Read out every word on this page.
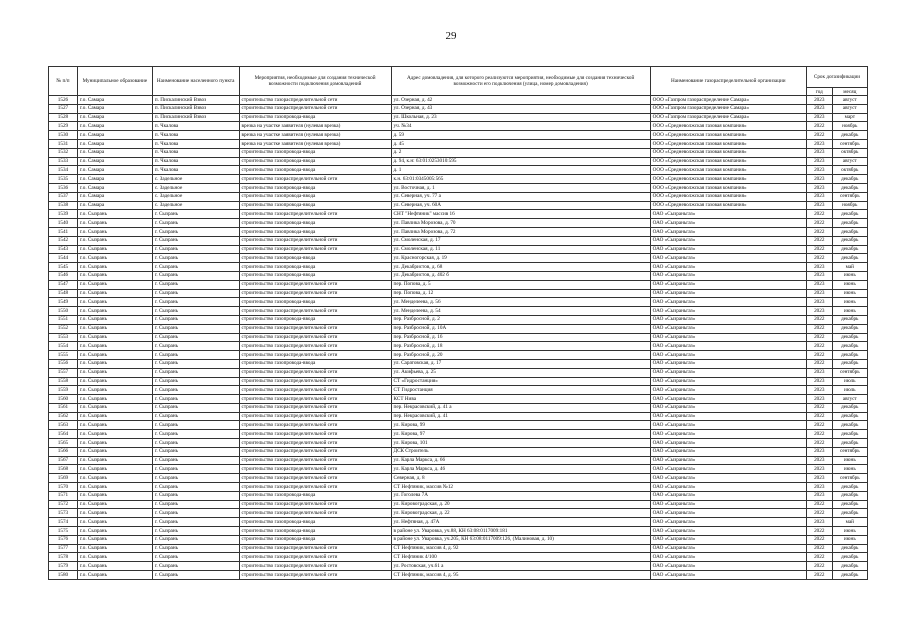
29
№ п/п	Муниципальное образование	Наименование населенного пункта	Мероприятия, необходимые для создания технической возможности подключения домовладений	Адрес домовладения, для которого реализуются мероприятия, необходимые для создания технической возможности его подключения (улица, номер домовладения)	Наименование газораспределительной организации	Срок догазификации	
						год	месяц
1526	г.о. Самара	п. Пискалинский Взвоз	строительство газораспределительной сети	ул. Озерная, д. 42	ООО «Газпром газораспределение Самара»	2023	август
1527	г.о. Самара	п. Пискалинский Взвоз	строительство газораспределительной сети	ул. Озерная, д. 43	ООО «Газпром газораспределение Самара»	2023	август
1528	г.о. Самара	п. Пискалинский Взвоз	строительство газопровода-ввода	ул. Школьная, д. 23	ООО «Газпром газораспределение Самара»	2023	март
1529	г.о. Самара	п. Чкалова	врезка на участке заявителя (нулевая врезка)	уч. №34	ООО «Средневолжская газовая компания»	2022	ноябрь
1530	г.о. Самара	п. Чкалова	врезка на участке заявителя (нулевая врезка)	д. 59	ООО «Средневолжская газовая компания»	2022	декабрь
1531	г.о. Самара	п. Чкалова	врезка на участке заявителя (нулевая врезка)	д. 45	ООО «Средневолжская газовая компания»	2023	сентябрь
1532	г.о. Самара	п. Чкалова	строительство газопровода-ввода	д. 2	ООО «Средневолжская газовая компания»	2023	октябрь
1533	г.о. Самара	п. Чкалова	строительство газопровода-ввода	д. 94, к.н: 63:01:0253010:595	ООО «Средневолжская газовая компания»	2023	август
1534	г.о. Самара	п. Чкалова	строительство газопровода-ввода	д. 1	ООО «Средневолжская газовая компания»	2023	октябрь
1535	г.о. Самара	с. Задельное	строительство газораспределительной сети	к.н. 63:01:0345005:565	ООО «Средневолжская газовая компания»	2023	декабрь
1536	г.о. Самара	с. Задельное	строительство газопровода-ввода	ул. Восточная, д. 1	ООО «Средневолжская газовая компания»	2023	декабрь
1537	г.о. Самара	с. Задельное	строительство газопровода-ввода	ул. Северная, уч. 77 а	ООО «Средневолжская газовая компания»	2023	сентябрь
1538	г.о. Самара	с. Задельное	строительство газопровода-ввода	ул. Северная, уч. 60А	ООО «Средневолжская газовая компания»	2023	ноябрь
1539	г.о. Сызрань	г. Сызрань	строительство газораспределительной сети	СНТ "Нефтяник" массив 16	ОАО «Сызраньгаз»	2022	декабрь
1540	г.о. Сызрань	г. Сызрань	строительство газопровода-ввода	ул. Павлика Морозова, д. 70	ОАО «Сызраньгаз»	2022	декабрь
1541	г.о. Сызрань	г. Сызрань	строительство газопровода-ввода	ул. Павлика Морозова, д. 72	ОАО «Сызраньгаз»	2022	декабрь
1542	г.о. Сызрань	г. Сызрань	строительство газораспределительной сети	ул. Смоленская, д. 17	ОАО «Сызраньгаз»	2022	декабрь
1543	г.о. Сызрань	г. Сызрань	строительство газораспределительной сети	ул. Смоленская, д. 11	ОАО «Сызраньгаз»	2022	декабрь
1544	г.о. Сызрань	г. Сызрань	строительство газопровода-ввода	ул. Красногорская, д. 19	ОАО «Сызраньгаз»	2022	декабрь
1545	г.о. Сызрань	г. Сызрань	строительство газопровода-ввода	ул. Декабристов, д. 68	ОАО «Сызраньгаз»	2023	май
1546	г.о. Сызрань	г. Сызрань	строительство газопровода-ввода	ул. Декабристов, д. 402 б	ОАО «Сызраньгаз»	2023	июнь
1547	г.о. Сызрань	г. Сызрань	строительство газораспределительной сети	пер. Попова, д. 5	ОАО «Сызраньгаз»	2023	июнь
1548	г.о. Сызрань	г. Сызрань	строительство газораспределительной сети	пер. Попова, д. 12	ОАО «Сызраньгаз»	2023	июнь
1549	г.о. Сызрань	г. Сызрань	строительство газопровода-ввода	ул. Менделеева, д. 56	ОАО «Сызраньгаз»	2023	июнь
1550	г.о. Сызрань	г. Сызрань	строительство газораспределительной сети	ул. Менделеева, д. 54	ОАО «Сызраньгаз»	2023	июнь
1551	г.о. Сызрань	г. Сызрань	строительство газопровода-ввода	пер. Разбросной, д. 2	ОАО «Сызраньгаз»	2022	декабрь
1552	г.о. Сызрань	г. Сызрань	строительство газораспределительной сети	пер. Разбросной, д. 10А	ОАО «Сызраньгаз»	2022	декабрь
1553	г.о. Сызрань	г. Сызрань	строительство газораспределительной сети	пер. Разбросной, д. 16	ОАО «Сызраньгаз»	2022	декабрь
1554	г.о. Сызрань	г. Сызрань	строительство газораспределительной сети	пер. Разбросной, д. 18	ОАО «Сызраньгаз»	2022	декабрь
1555	г.о. Сызрань	г. Сызрань	строительство газораспределительной сети	пер. Разбросной, д. 20	ОАО «Сызраньгаз»	2022	декабрь
1556	г.о. Сызрань	г. Сызрань	строительство газопровода-ввода	ул. Саратовская, д. 17	ОАО «Сызраньгаз»	2022	декабрь
1557	г.о. Сызрань	г. Сызрань	строительство газораспределительной сети	ул. Акифьева, д. 25	ОАО «Сызраньгаз»	2023	сентябрь
1558	г.о. Сызрань	г. Сызрань	строительство газораспределительной сети	СТ «Гидростанция»	ОАО «Сызраньгаз»	2023	июль
1559	г.о. Сызрань	г. Сызрань	строительство газораспределительной сети	СТ Гидростанция	ОАО «Сызраньгаз»	2023	июль
1560	г.о. Сызрань	г. Сызрань	строительство газораспределительной сети	КСТ Нива	ОАО «Сызраньгаз»	2023	август
1561	г.о. Сызрань	г. Сызрань	строительство газораспределительной сети	пер. Некрасовский, д. 41 а	ОАО «Сызраньгаз»	2022	декабрь
1562	г.о. Сызрань	г. Сызрань	строительство газораспределительной сети	пер. Некрасовский, д. 41	ОАО «Сызраньгаз»	2022	декабрь
1563	г.о. Сызрань	г. Сызрань	строительство газораспределительной сети	ул. Кирова, 99	ОАО «Сызраньгаз»	2022	декабрь
1564	г.о. Сызрань	г. Сызрань	строительство газораспределительной сети	ул. Кирова, 97	ОАО «Сызраньгаз»	2022	декабрь
1565	г.о. Сызрань	г. Сызрань	строительство газораспределительной сети	ул. Кирова, 101	ОАО «Сызраньгаз»	2022	декабрь
1566	г.о. Сызрань	г. Сызрань	строительство газораспределительной сети	ДСК Строитель	ОАО «Сызраньгаз»	2023	сентябрь
1567	г.о. Сызрань	г. Сызрань	строительство газораспределительной сети	ул. Карла Маркса, д. 66	ОАО «Сызраньгаз»	2023	июнь
1568	г.о. Сызрань	г. Сызрань	строительство газораспределительной сети	ул. Карла Маркса, д. 46	ОАО «Сызраньгаз»	2023	июнь
1569	г.о. Сызрань	г. Сызрань	строительство газораспределительной сети	Северная, д. 8	ОАО «Сызраньгаз»	2023	сентябрь
1570	г.о. Сызрань	г. Сызрань	строительство газораспределительной сети	СТ Нефтяник, массив №12	ОАО «Сызраньгаз»	2023	декабрь
1571	г.о. Сызрань	г. Сызрань	строительство газопровода-ввода	ул. Гоголева 7А	ОАО «Сызраньгаз»	2023	декабрь
1572	г.о. Сызрань	г. Сызрань	строительство газораспределительной сети	ул. Кировоградская, д. 20	ОАО «Сызраньгаз»	2022	декабрь
1573	г.о. Сызрань	г. Сызрань	строительство газораспределительной сети	ул. Кировоградская, д. 22	ОАО «Сызраньгаз»	2022	декабрь
1574	г.о. Сызрань	г. Сызрань	строительство газопровода-ввода	ул. Нефтяная, д. 47А	ОАО «Сызраньгаз»	2023	май
1575	г.о. Сызрань	г. Сызрань	строительство газопровода-ввода	в районе ул. Уваровка, уч.88, КН 63:08:0117009:181	ОАО «Сызраньгаз»	2022	июнь
1576	г.о. Сызрань	г. Сызрань	строительство газопровода-ввода	в районе ул. Уваровка, уч.205, КН 63:08:0117009:126, (Малиновая, д. 10)	ОАО «Сызраньгаз»	2022	июнь
1577	г.о. Сызрань	г. Сызрань	строительство газораспределительной сети	СТ Нефтяник, массив 4, д. 92	ОАО «Сызраньгаз»	2022	декабрь
1578	г.о. Сызрань	г. Сызрань	строительство газораспределительной сети	СТ Нефтяник 4/100	ОАО «Сызраньгаз»	2022	декабрь
1579	г.о. Сызрань	г. Сызрань	строительство газораспределительной сети	ул. Ростовская, уч.61 а	ОАО «Сызраньгаз»	2022	декабрь
1580	г.о. Сызрань	г. Сызрань	строительство газораспределительной сети	СТ Нефтяник, массив 4, д. 95	ОАО «Сызраньгаз»	2022	декабрь
